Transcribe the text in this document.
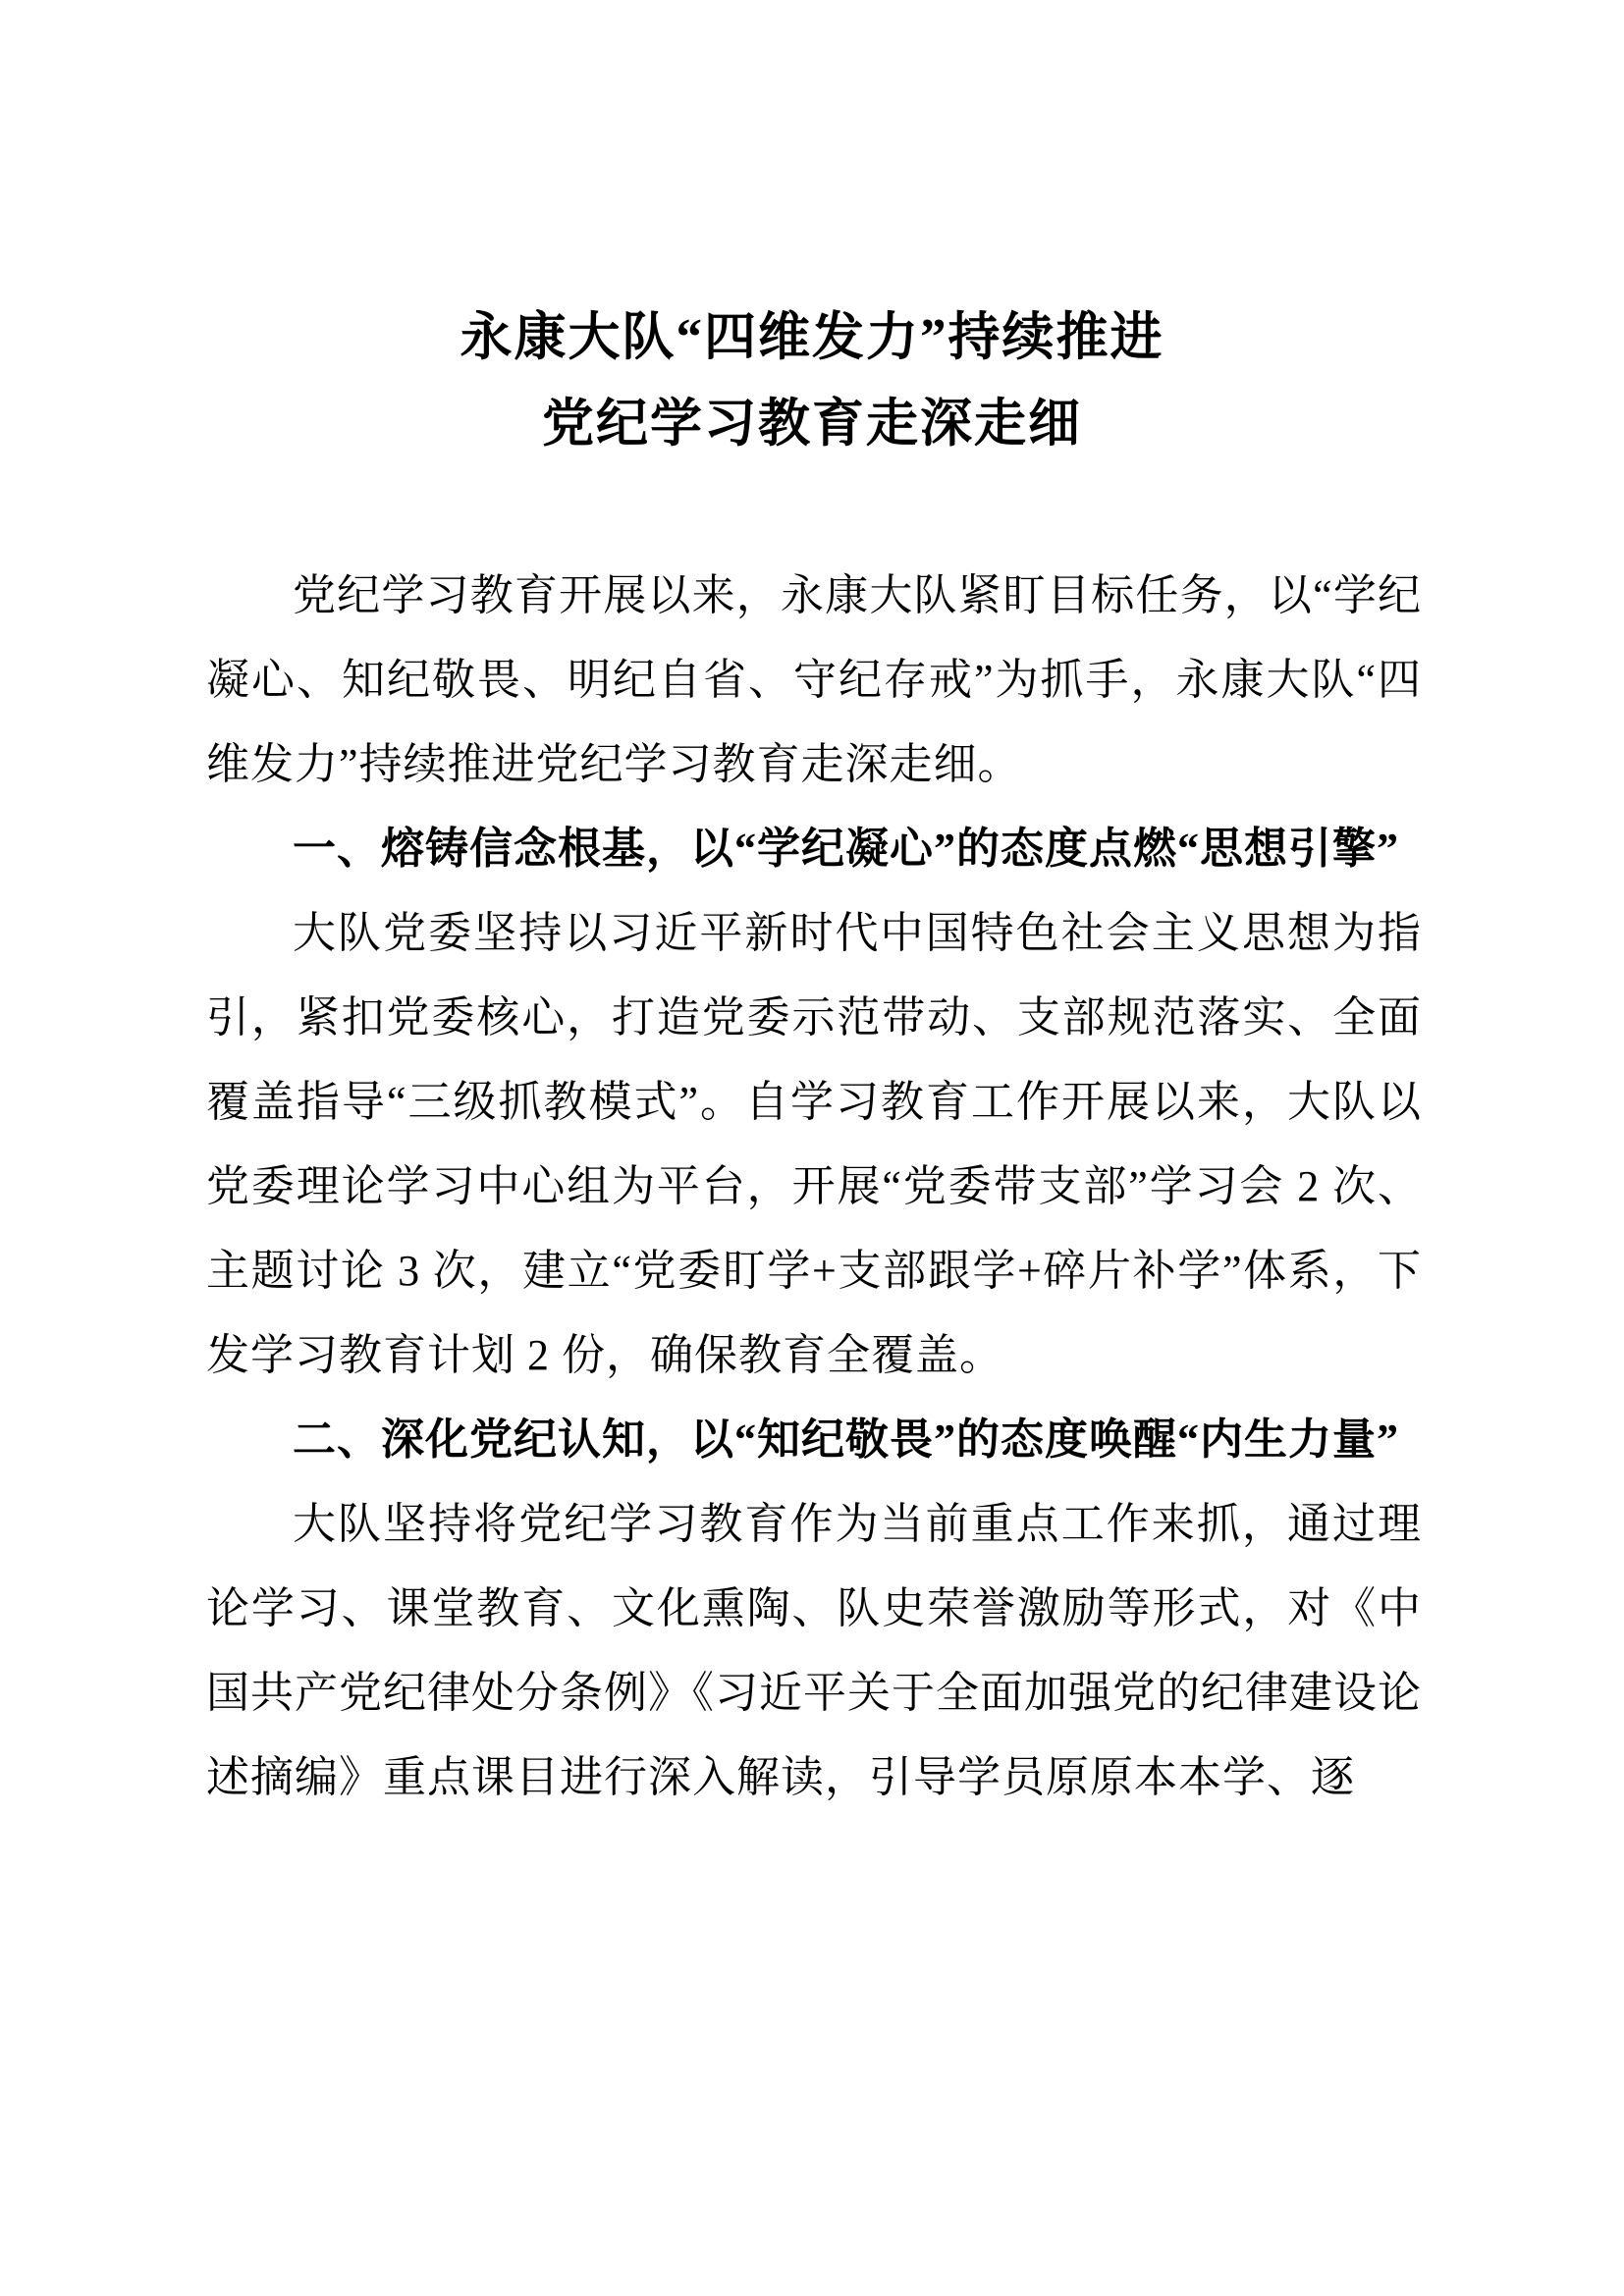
永康大队“四维发力”持续推进
党纪学习教育走深走细

党纪学习教育开展以来，永康大队紧盯目标任务，以“学纪凝心、知纪敬畏、明纪自省、守纪存戒”为抓手，永康大队“四维发力”持续推进党纪学习教育走深走细。

一、熔铸信念根基，以“学纪凝心”的态度点燃“思想引擎”

大队党委坚持以习近平新时代中国特色社会主义思想为指引，紧扣党委核心，打造党委示范带动、支部规范落实、全面覆盖指导“三级抓教模式”。自学习教育工作开展以来，大队以党委理论学习中心组为平台，开展“党委带支部”学习会 2 次、主题讨论 3 次，建立“党委盯学+支部跟学+碎片补学”体系，下发学习教育计划 2 份，确保教育全覆盖。

二、深化党纪认知，以“知纪敬畏”的态度唤醒“内生力量”

大队坚持将党纪学习教育作为当前重点工作来抓，通过理论学习、课堂教育、文化熏陶、队史荣誉激励等形式，对《中国共产党纪律处分条例》《习近平关于全面加强党的纪律建设论述摘编》重点课目进行深入解读，引导学员原原本本学、逐
